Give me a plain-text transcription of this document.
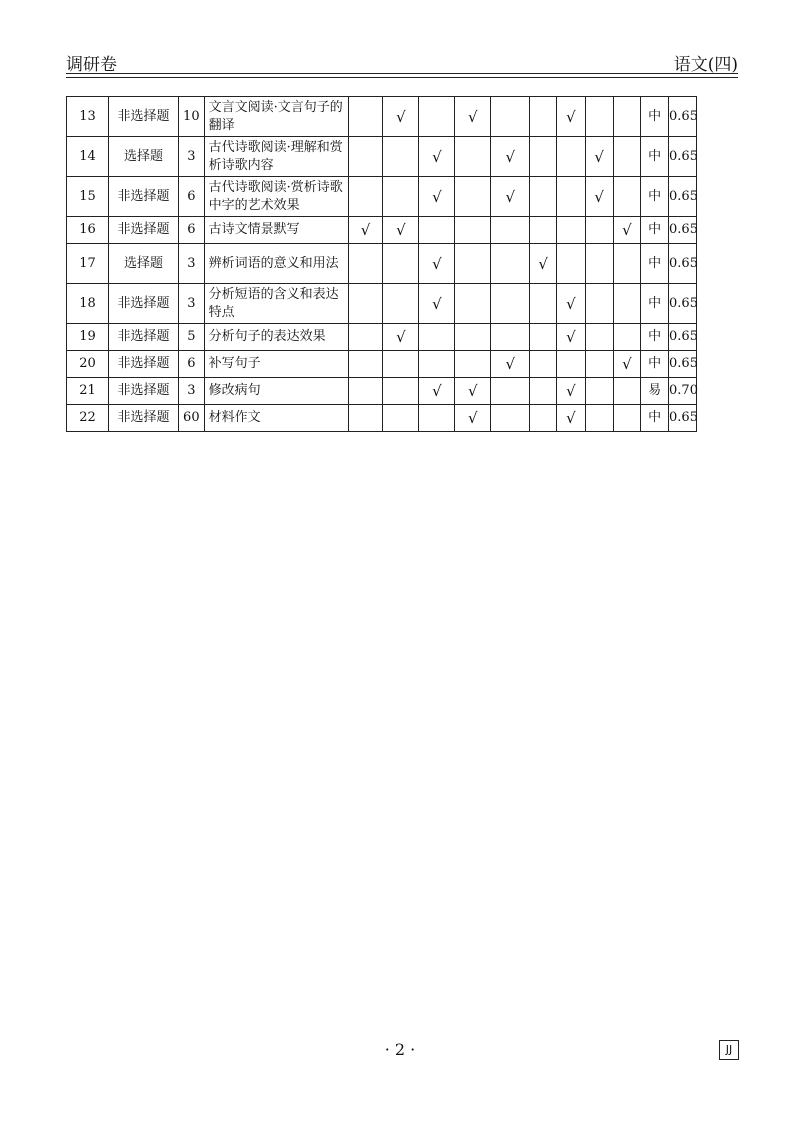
调研卷	语文(四)
13	非选择题	10	文言文阅读·文言句子的翻译		√		√			√			中	0.65
14	选择题	3	古代诗歌阅读·理解和赏析诗歌内容			√		√			√		中	0.65
15	非选择题	6	古代诗歌阅读·赏析诗歌中字的艺术效果			√		√			√		中	0.65
16	非选择题	6	古诗文情景默写	√	√							√	中	0.65
17	选择题	3	辨析词语的意义和用法			√			√				中	0.65
18	非选择题	3	分析短语的含义和表达特点			√				√			中	0.65
19	非选择题	5	分析句子的表达效果		√					√			中	0.65
20	非选择题	6	补写句子					√				√	中	0.65
21	非选择题	3	修改病句			√	√			√			易	0.70
22	非选择题	60	材料作文				√			√			中	0.65
· 2 ·	JJ
